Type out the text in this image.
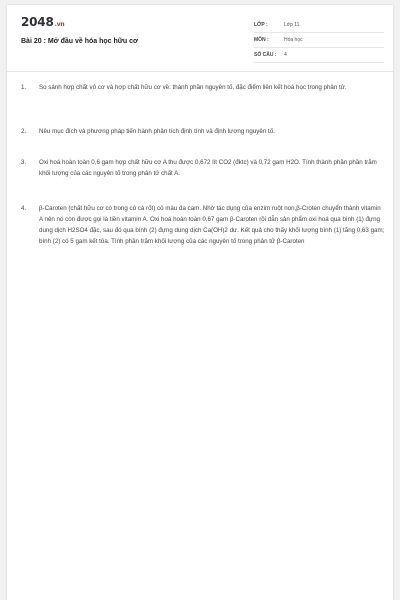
2048.vn
Bài 20 : Mở đầu về hóa học hữu cơ
LỚP :	Lớp 11
MÔN :	Hóa học
SỐ CÂU : 4
1. So sánh hợp chất vô cơ và hợp chất hữu cơ về: thành phần nguyên tố, đặc điểm liên kết hoá học trong phân tử.
2. Nêu mục đích và phương pháp tiến hành phân tích định tính và định lượng nguyên tố.
3. Oxi hoá hoàn toàn 0,6 gam hợp chất hữu cơ A thu được 0,672 lít CO2 (đktc) và 0,72 gam H2O. Tính thành phần phần trăm khối lượng của các nguyên tố trong phân tử chất A.
4. β-Caroten (chất hữu cơ có trong củ cà rốt) có màu da cam. Nhờ tác dụng của enzim ruột non,β-Croten chuyển thành vitamin A nên nó còn được gọi là tiền vitamin A. Oxi hoá hoàn toàn 0,67 gam β-Caroten rồi dẫn sản phẩm oxi hoá qua bình (1) đựng dung dịch H2SO4 đặc, sau đó qua bình (2) đựng dung dịch Ca(OH)2 dư. Kết quả cho thấy khối lượng bình (1) tăng 0,63 gam; bình (2) có 5 gam kết tủa. Tính phần trăm khối lượng của các nguyên tố trong phân tử β-Caroten
